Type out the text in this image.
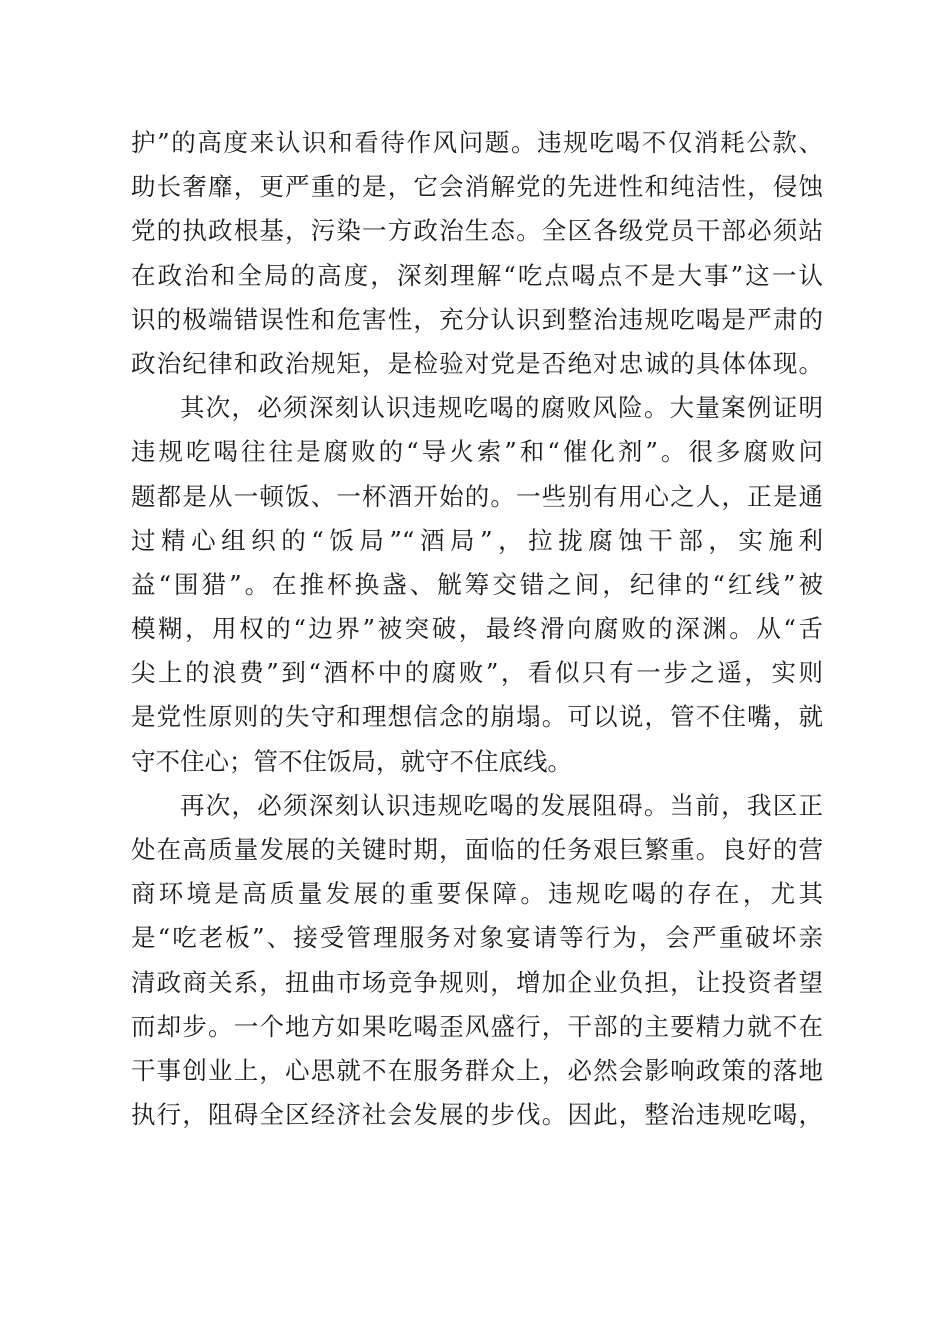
护”的高度来认识和看待作风问题。违规吃喝不仅消耗公款、
助长奢靡，更严重的是，它会消解党的先进性和纯洁性，侵蚀
党的执政根基，污染一方政治生态。全区各级党员干部必须站
在政治和全局的高度，深刻理解“吃点喝点不是大事”这一认
识的极端错误性和危害性，充分认识到整治违规吃喝是严肃的
政治纪律和政治规矩，是检验对党是否绝对忠诚的具体体现。
其次，必须深刻认识违规吃喝的腐败风险。大量案例证明
违规吃喝往往是腐败的“导火索”和“催化剂”。很多腐败问
题都是从一顿饭、一杯酒开始的。一些别有用心之人，正是通
过精心组织的“饭局”“酒局”，拉拢腐蚀干部，实施利
益“围猎”。在推杯换盏、觥筹交错之间，纪律的“红线”被
模糊，用权的“边界”被突破，最终滑向腐败的深渊。从“舌
尖上的浪费”到“酒杯中的腐败”，看似只有一步之遥，实则
是党性原则的失守和理想信念的崩塌。可以说，管不住嘴，就
守不住心；管不住饭局，就守不住底线。
再次，必须深刻认识违规吃喝的发展阻碍。当前，我区正
处在高质量发展的关键时期，面临的任务艰巨繁重。良好的营
商环境是高质量发展的重要保障。违规吃喝的存在，尤其
是“吃老板”、接受管理服务对象宴请等行为，会严重破坏亲
清政商关系，扭曲市场竞争规则，增加企业负担，让投资者望
而却步。一个地方如果吃喝歪风盛行，干部的主要精力就不在
干事创业上，心思就不在服务群众上，必然会影响政策的落地
执行，阻碍全区经济社会发展的步伐。因此，整治违规吃喝，
